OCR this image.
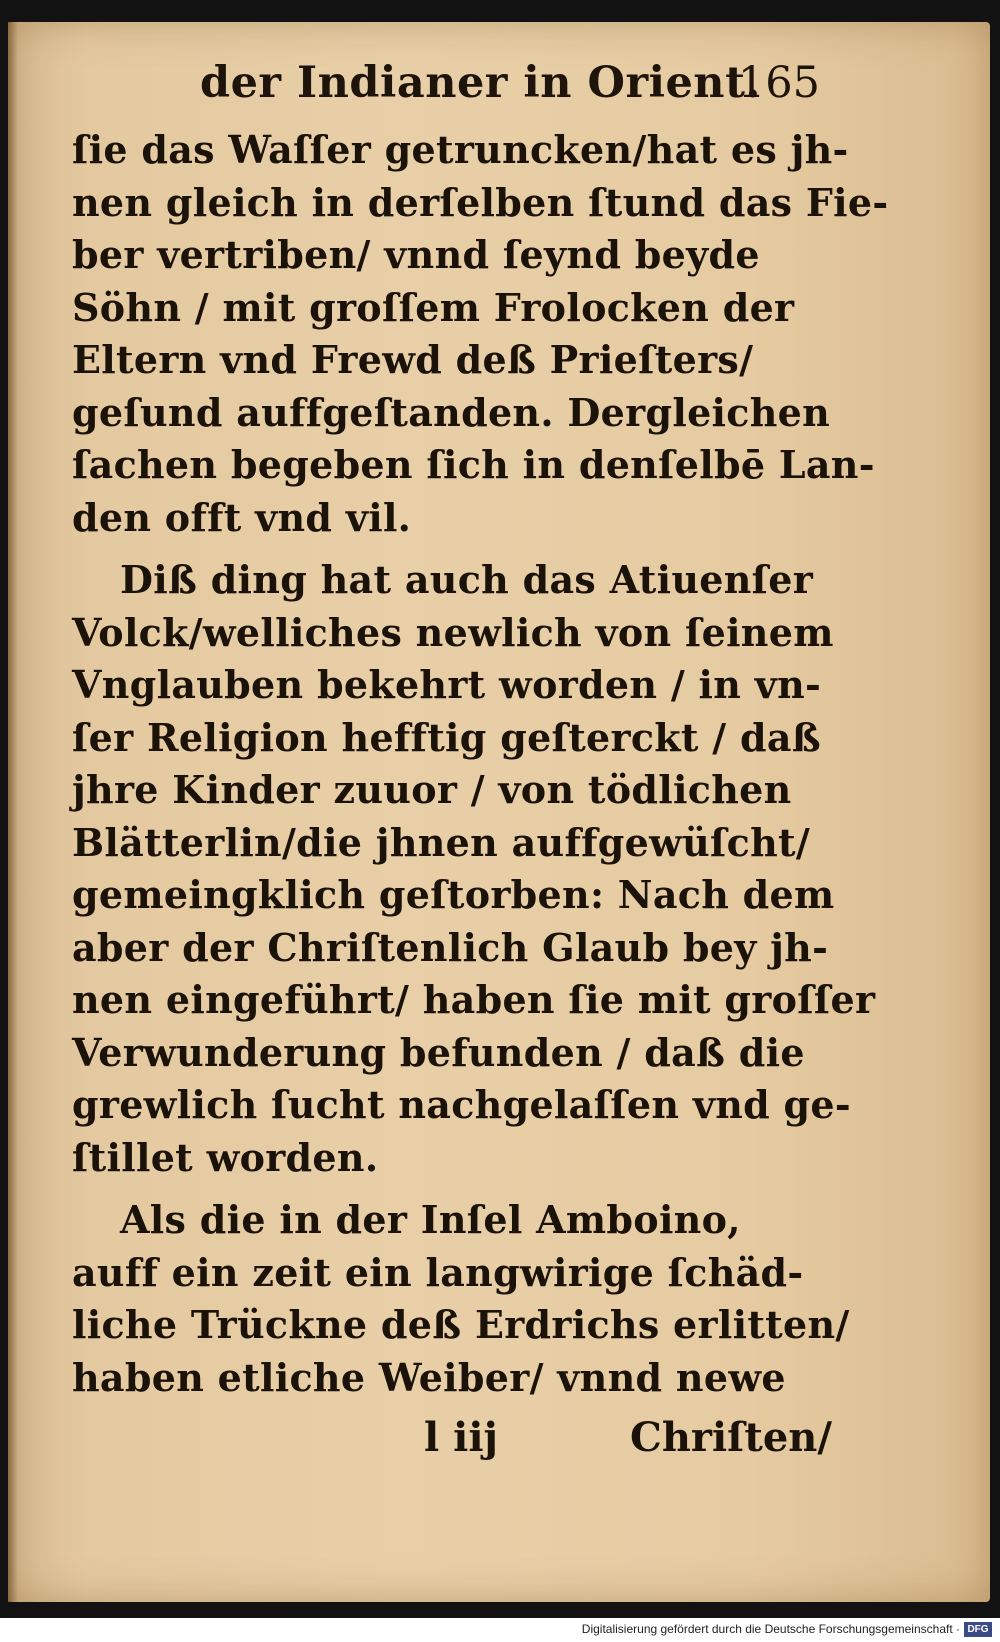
der Indianer in Orient.
165
ſie das Waſſer getruncken/hat es jh-
nen gleich in derſelben ſtund das Fie-
ber vertriben/ vnnd ſeynd beyde
Söhn / mit groſſem Frolocken der
Eltern vnd Frewd deß Prieſters/
geſund auffgeſtanden. Dergleichen
ſachen begeben ſich in denſelbē Lan-
den offt vnd vil.
Diß ding hat auch das Atiuenſer
Volck/welliches newlich von ſeinem
Vnglauben bekehrt worden / in vn-
ſer Religion hefftig geſterckt / daß
jhre Kinder zuuor / von tödlichen
Blätterlin/die jhnen auffgewüſcht/
gemeingklich geſtorben: Nach dem
aber der Chriſtenlich Glaub bey jh-
nen eingeführt/ haben ſie mit groſſer
Verwunderung befunden / daß die
grewlich ſucht nachgelaſſen vnd ge-
ſtillet worden.
Als die in der Inſel Amboino,
auff ein zeit ein langwirige ſchäd-
liche Trückne deß Erdrichs erlitten/
haben etliche Weiber/ vnnd newe
l iij	Chriſten/
Digitalisierung gefördert durch die Deutsche Forschungsgemeinschaft · DFG
